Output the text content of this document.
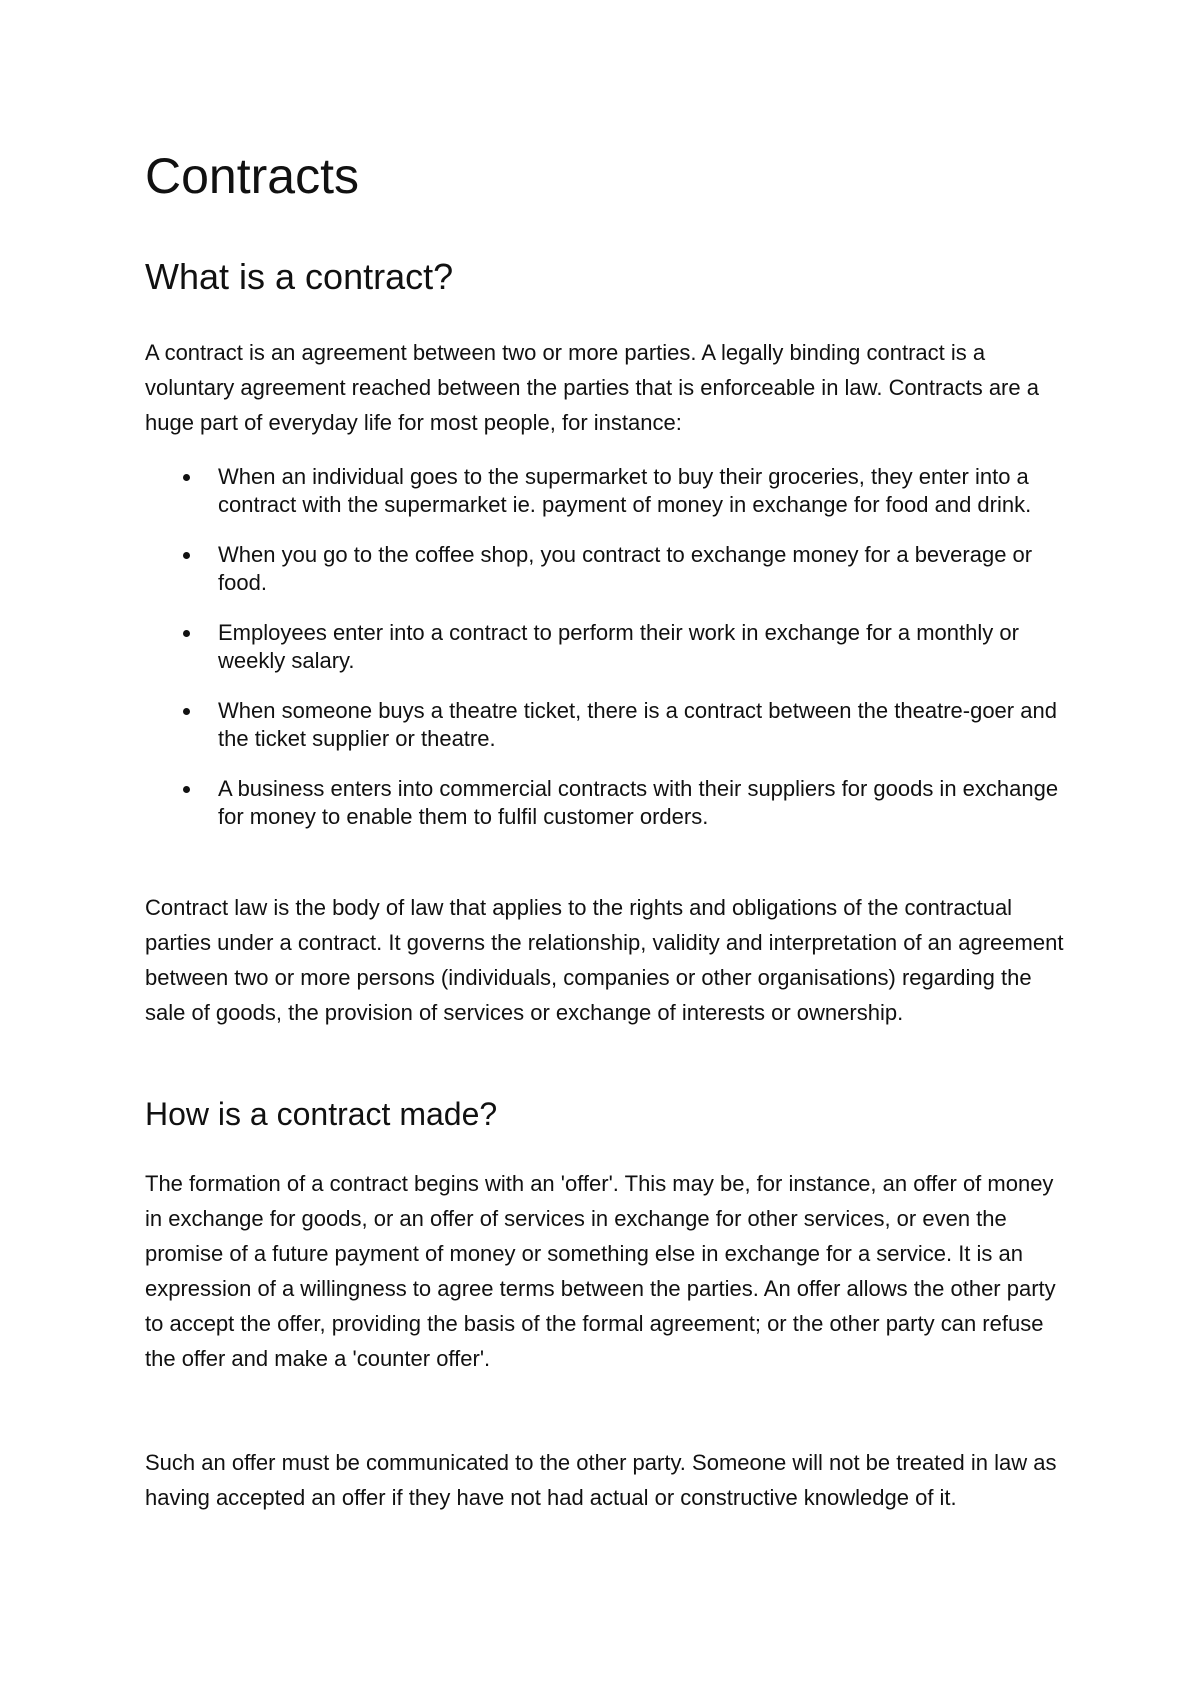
Contracts
What is a contract?

A contract is an agreement between two or more parties. A legally binding contract is a voluntary agreement reached between the parties that is enforceable in law. Contracts are a huge part of everyday life for most people, for instance:

When an individual goes to the supermarket to buy their groceries, they enter into a contract with the supermarket ie. payment of money in exchange for food and drink.
When you go to the coffee shop, you contract to exchange money for a beverage or food.
Employees enter into a contract to perform their work in exchange for a monthly or weekly salary.
When someone buys a theatre ticket, there is a contract between the theatre-goer and the ticket supplier or theatre.
A business enters into commercial contracts with their suppliers for goods in exchange for money to enable them to fulfil customer orders.

Contract law is the body of law that applies to the rights and obligations of the contractual parties under a contract. It governs the relationship, validity and interpretation of an agreement between two or more persons (individuals, companies or other organisations) regarding the sale of goods, the provision of services or exchange of interests or ownership.

How is a contract made?

The formation of a contract begins with an 'offer'. This may be, for instance, an offer of money in exchange for goods, or an offer of services in exchange for other services, or even the promise of a future payment of money or something else in exchange for a service. It is an expression of a willingness to agree terms between the parties. An offer allows the other party to accept the offer, providing the basis of the formal agreement; or the other party can refuse the offer and make a 'counter offer'.

Such an offer must be communicated to the other party. Someone will not be treated in law as having accepted an offer if they have not had actual or constructive knowledge of it.
